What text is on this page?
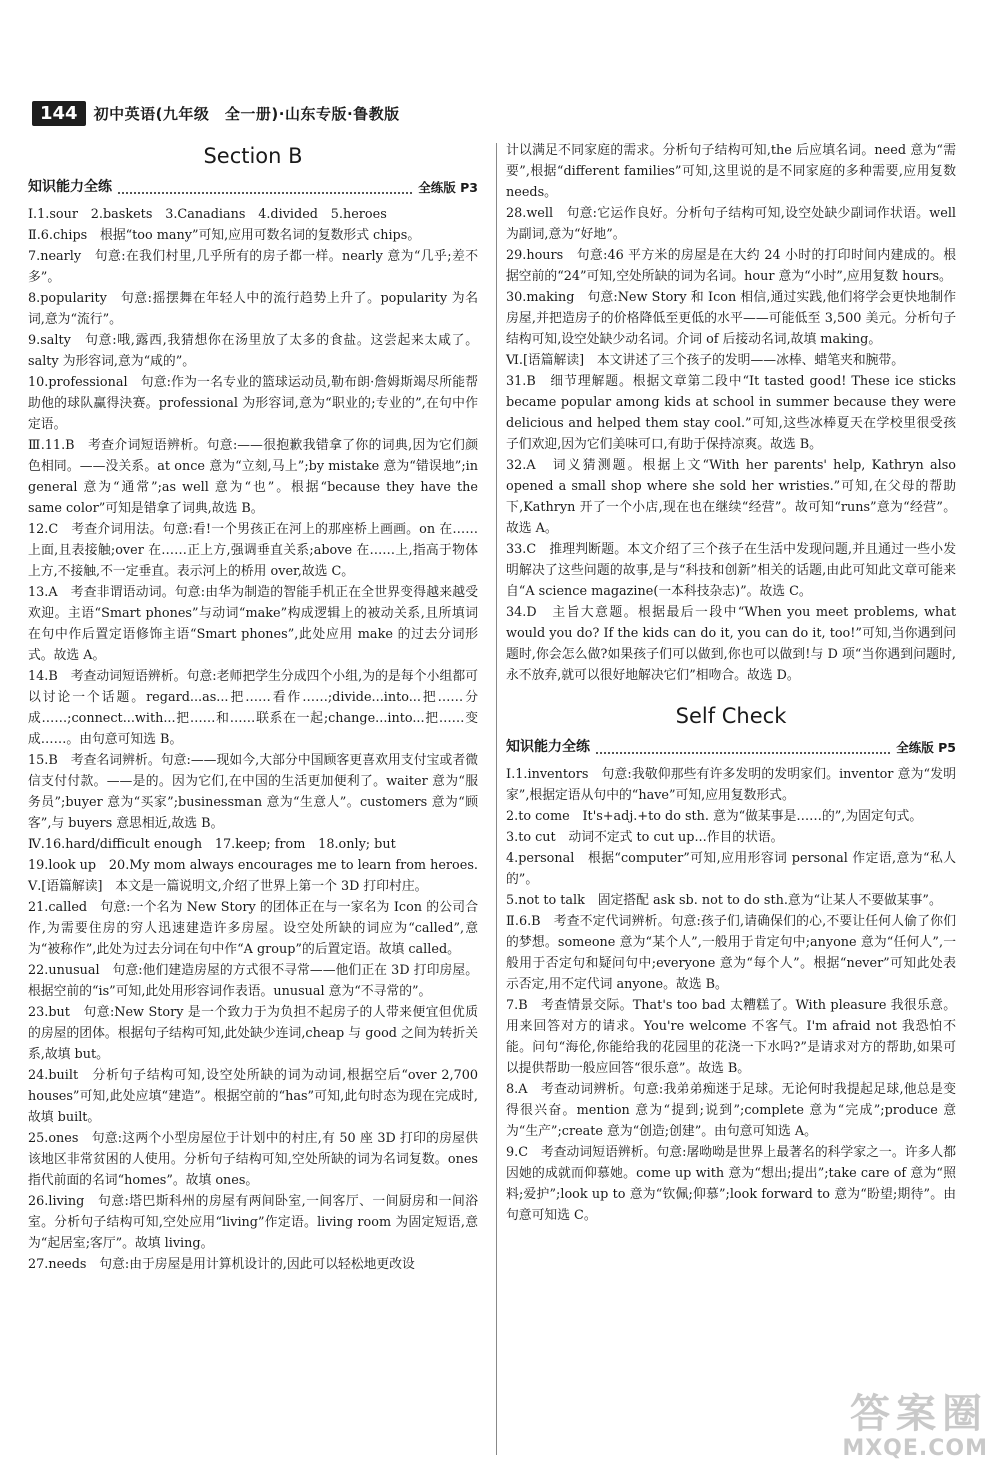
144	初中英语(九年级　全一册)·山东专版·鲁教版
Section B
知识能力全练	全练版 P3
Ⅰ.1.sour　2.baskets　3.Canadians　4.divided　5.heroes
Ⅱ.6.chips　根据“too many”可知,应用可数名词的复数形式 chips。
7.nearly　句意:在我们村里,几乎所有的房子都一样。nearly 意为“几乎;差不多”。
8.popularity　句意:摇摆舞在年轻人中的流行趋势上升了。popularity 为名词,意为“流行”。
9.salty　句意:哦,露西,我猜想你在汤里放了太多的食盐。这尝起来太咸了。salty 为形容词,意为“咸的”。
10.professional　句意:作为一名专业的篮球运动员,勒布朗·詹姆斯竭尽所能帮助他的球队赢得決赛。professional 为形容词,意为“职业的;专业的”,在句中作定语。
Ⅲ.11.B　考查介词短语辨析。句意:——很抱歉我错拿了你的词典,因为它们颜色相同。——没关系。at once 意为“立刻,马上”;by mistake 意为“错误地”;in general 意为“通常”;as well 意为“也”。根据“because they have the same color”可知是错拿了词典,故选 B。
12.C　考查介词用法。句意:看!一个男孩正在河上的那座桥上画画。on 在……上面,且表接触;over 在……正上方,强调垂直关系;above 在……上,指高于物体上方,不接触,不一定垂直。表示河上的桥用 over,故选 C。
13.A　考查非谓语动词。句意:由华为制造的智能手机正在全世界变得越来越受欢迎。主语“Smart phones”与动词“make”构成逻辑上的被动关系,且所填词在句中作后置定语修饰主语“Smart phones”,此处应用 make 的过去分词形式。故选 A。
14.B　考查动词短语辨析。句意:老师把学生分成四个小组,为的是每个小组都可以讨论一个话题。regard...as...把……看作……;divide...into...把……分成……;connect...with...把……和……联系在一起;change...into...把……变成……。由句意可知选 B。
15.B　考查名词辨析。句意:——现如今,大部分中国顾客更喜欢用支付宝或者微信支付付款。——是的。因为它们,在中国的生活更加便利了。waiter 意为“服务员”;buyer 意为“买家”;businessman 意为“生意人”。customers 意为“顾客”,与 buyers 意思相近,故选 B。
Ⅳ.16.hard/difficult enough　17.keep; from　18.only; but
19.look up　20.My mom always encourages me to learn from heroes.
Ⅴ.[语篇解读]　本文是一篇说明文,介绍了世界上第一个 3D 打印村庄。
21.called　句意:一个名为 New Story 的团体正在与一家名为 Icon 的公司合作,为需要住房的穷人迅速建造许多房屋。设空处所缺的词应为“called”,意为“被称作”,此处为过去分词在句中作“A group”的后置定语。故填 called。
22.unusual　句意:他们建造房屋的方式很不寻常——他们正在 3D 打印房屋。根据空前的“is”可知,此处用形容词作表语。unusual 意为“不寻常的”。
23.but　句意:New Story 是一个致力于为负担不起房子的人带来便宜但优质的房屋的团体。根据句子结构可知,此处缺少连词,cheap 与 good 之间为转折关系,故填 but。
24.built　分析句子结构可知,设空处所缺的词为动词,根据空后“over 2,700 houses”可知,此处应填“建造”。根据空前的“has”可知,此句时态为现在完成时,故填 built。
25.ones　句意:这两个小型房屋位于计划中的村庄,有 50 座 3D 打印的房屋供该地区非常贫困的人使用。分析句子结构可知,空处所缺的词为名词复数。ones 指代前面的名词“homes”。故填 ones。
26.living　句意:塔巴斯科州的房屋有两间卧室,一间客厅、一间厨房和一间浴室。分析句子结构可知,空处应用“living”作定语。living room 为固定短语,意为“起居室;客厅”。故填 living。
27.needs　句意:由于房屋是用计算机设计的,因此可以轻松地更改设
计以满足不同家庭的需求。分析句子结构可知,the 后应填名词。need 意为“需要”,根据“different families”可知,这里说的是不同家庭的多种需要,应用复数 needs。
28.well　句意:它运作良好。分析句子结构可知,设空处缺少副词作状语。well 为副词,意为“好地”。
29.hours　句意:46 平方米的房屋是在大约 24 小时的打印时间内建成的。根据空前的“24”可知,空处所缺的词为名词。hour 意为“小时”,应用复数 hours。
30.making　句意:New Story 和 Icon 相信,通过实践,他们将学会更快地制作房屋,并把造房子的价格降低至更低的水平——可能低至 3,500 美元。分析句子结构可知,设空处缺少动名词。介词 of 后接动名词,故填 making。
Ⅵ.[语篇解读]　本文讲述了三个孩子的发明——冰棒、蜡笔夹和腕带。
31.B　细节理解题。根据文章第二段中“It tasted good! These ice sticks became popular among kids at school in summer because they were delicious and helped them stay cool.”可知,这些冰棒夏天在学校里很受孩子们欢迎,因为它们美味可口,有助于保持凉爽。故选 B。
32.A　词义猜测题。根据上文“With her parents' help, Kathryn also opened a small shop where she sold her wristies.”可知,在父母的帮助下,Kathryn 开了一个小店,现在也在继续“经营”。故可知“runs”意为“经营”。故选 A。
33.C　推理判断题。本文介绍了三个孩子在生活中发现问题,并且通过一些小发明解决了这些问题的故事,是与“科技和创新”相关的话题,由此可知此文章可能来自“A science magazine(一本科技杂志)”。故选 C。
34.D　主旨大意题。根据最后一段中“When you meet problems, what would you do? If the kids can do it, you can do it, too!”可知,当你遇到问题时,你会怎么做?如果孩子们可以做到,你也可以做到!与 D 项“当你遇到问题时,永不放弃,就可以很好地解决它们”相吻合。故选 D。
Self Check
知识能力全练	全练版 P5
Ⅰ.1.inventors　句意:我敬仰那些有许多发明的发明家们。inventor 意为“发明家”,根据定语从句中的“have”可知,应用复数形式。
2.to come　It's+adj.+to do sth. 意为“做某事是……的”,为固定句式。
3.to cut　动词不定式 to cut up...作目的状语。
4.personal　根据“computer”可知,应用形容词 personal 作定语,意为“私人的”。
5.not to talk　固定搭配 ask sb. not to do sth.意为“让某人不要做某事”。
Ⅱ.6.B　考查不定代词辨析。句意:孩子们,请确保们的心,不要让任何人偷了你们的梦想。someone 意为“某个人”,一般用于肯定句中;anyone 意为“任何人”,一般用于否定句和疑问句中;everyone 意为“每个人”。根据“never”可知此处表示否定,用不定代词 anyone。故选 B。
7.B　考查情景交际。That's too bad 太糟糕了。With pleasure 我很乐意。用来回答对方的请求。You're welcome 不客气。I'm afraid not 我恐怕不能。问句“海伦,你能给我的花园里的花浇一下水吗?”是请求对方的帮助,如果可以提供帮助一般应回答“很乐意”。故选 B。
8.A　考查动词辨析。句意:我弟弟痴迷于足球。无论何时我提起足球,他总是变得很兴奋。mention 意为“提到;说到”;complete 意为“完成”;produce 意为“生产”;create 意为“创造;创建”。由句意可知选 A。
9.C　考查动词短语辨析。句意:屠呦呦是世界上最著名的科学家之一。许多人都因她的成就而仰慕她。come up with 意为“想出;提出”;take care of 意为“照料;爱护”;look up to 意为“钦佩;仰慕”;look forward to 意为“盼望;期待”。由句意可知选 C。
答案圈
MXQE.COM
